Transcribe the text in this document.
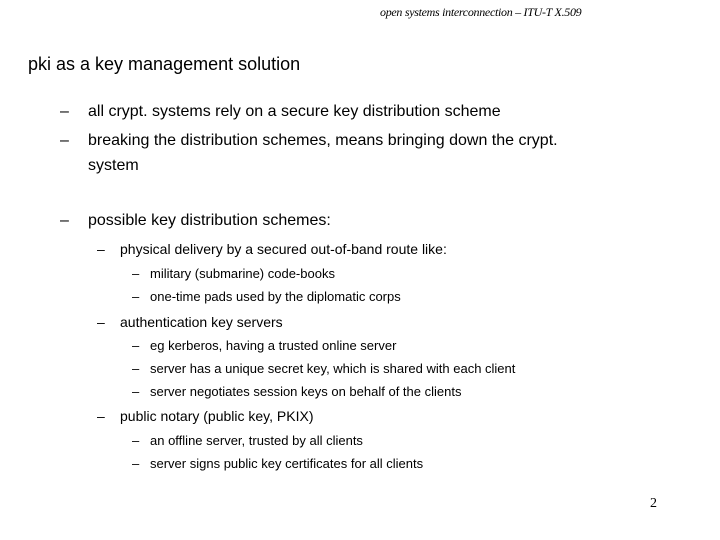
open systems interconnection – ITU-T X.509
pki as a key management solution
– all crypt. systems rely on a secure key distribution scheme
– breaking the distribution schemes, means bringing down the crypt.
system
– possible key distribution schemes:
– physical delivery by a secured out-of-band route like:
– military (submarine) code-books
– one-time pads used by the diplomatic corps
– authentication key servers
– eg kerberos, having a trusted online server
– server has a unique secret key, which is shared with each client
– server negotiates session keys on behalf of the clients
– public notary (public key, PKIX)
– an offline server, trusted by all clients
– server signs public key certificates for all clients
2
